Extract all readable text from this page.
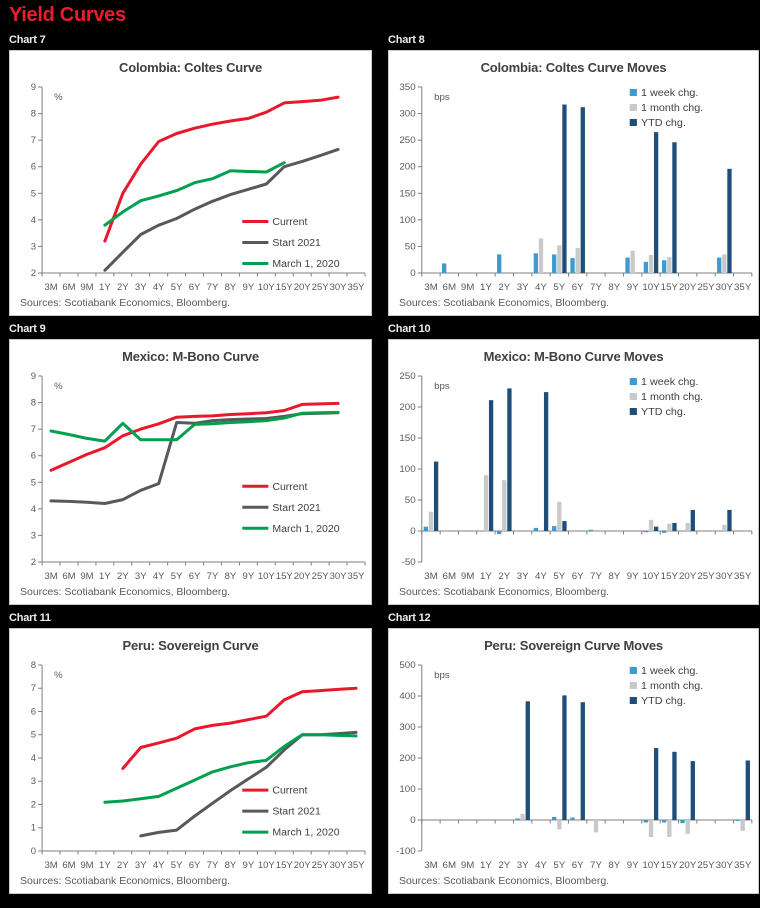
Yield Curves
Chart 7
Colombia: Coltes Curve
9
8
7
6
5
4
3
2
3M 6M 9M 1Y 2Y 3Y 4Y 5Y 6Y 7Y 8Y 9Y 10Y 15Y 20Y 25Y 30Y 35Y
%
Current
Start 2021
March 1, 2020
Sources: Scotiabank Economics, Bloomberg.
Chart 8
Colombia: Coltes Curve Moves
350
300
250
200
150
100
50
0
3M 6M 9M 1Y 2Y 3Y 4Y 5Y 6Y 7Y 8Y 9Y 10Y 15Y 20Y 25Y 30Y 35Y
bps	1 week chg.
1 month chg.
YTD chg.
Sources: Scotiabank Economics, Bloomberg.
Chart 9
Mexico: M-Bono Curve
9
8
7
6
5
4
3
2
3M 6M 9M 1Y 2Y 3Y 4Y 5Y 6Y 7Y 8Y 9Y 10Y 15Y 20Y 25Y 30Y 35Y
%
Current
Start 2021
March 1, 2020
Sources: Scotiabank Economics, Bloomberg.
Chart 10
Mexico: M-Bono Curve Moves
250
200
150
100
50
0
-50
3M 6M 9M 1Y 2Y 3Y 4Y 5Y 6Y 7Y 8Y 9Y 10Y 15Y 20Y 25Y 30Y 35Y
bps	1 week chg.
1 month chg.
YTD chg.
Sources: Scotiabank Economics, Bloomberg.
Chart 11
Peru: Sovereign Curve
8
7
6
5
4
3
2
1
0
3M 6M 9M 1Y 2Y 3Y 4Y 5Y 6Y 7Y 8Y 9Y 10Y 15Y 20Y 25Y 30Y 35Y
%
Current
Start 2021
March 1, 2020
Sources: Scotiabank Economics, Bloomberg.
Chart 12
Peru: Sovereign Curve Moves
500
400
300
200
100
0
-100
3M 6M 9M 1Y 2Y 3Y 4Y 5Y 6Y 7Y 8Y 9Y 10Y 15Y 20Y 25Y 30Y 35Y
bps	1 week chg.
1 month chg.
YTD chg.
Sources: Scotiabank Economics, Bloomberg.
